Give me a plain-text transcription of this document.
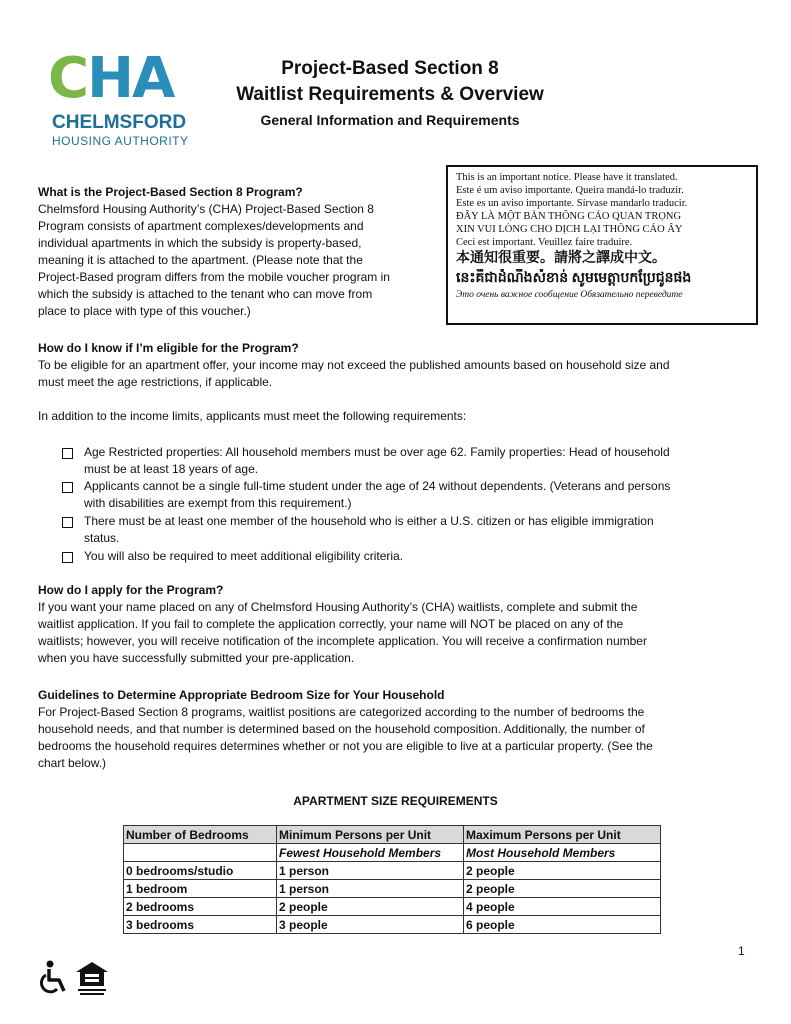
CHA
CHELMSFORD
HOUSING AUTHORITY
Project-Based Section 8
Waitlist Requirements & Overview
General Information and Requirements
This is an important notice. Please have it translated.
Este é um aviso importante. Queira mandá-lo traduzir.
Este es un aviso importante. Sírvase mandarlo traducir.
ĐÂY LÀ MỘT BẢN THÔNG CÁO QUAN TRỌNG
XIN VUI LÒNG CHO DỊCH LẠI THÔNG CÁO ẤY
Ceci est important. Veuillez faire traduire.
本通知很重要。請將之譯成中文。
នេះគឺជាដំណឹងសំខាន់ សូមមេត្តាបកប្រែជូនផង
Это очень важное сообщение Обязательно переведите
What is the Project-Based Section 8 Program?
Chelmsford Housing Authority’s (CHA) Project-Based Section 8
Program consists of apartment complexes/developments and
individual apartments in which the subsidy is property-based,
meaning it is attached to the apartment. (Please note that the
Project-Based program differs from the mobile voucher program in
which the subsidy is attached to the tenant who can move from
place to place with type of this voucher.)
How do I know if I’m eligible for the Program?
To be eligible for an apartment offer, your income may not exceed the published amounts based on household size and
must meet the age restrictions, if applicable.
In addition to the income limits, applicants must meet the following requirements:
Age Restricted properties: All household members must be over age 62. Family properties: Head of household
must be at least 18 years of age.
Applicants cannot be a single full-time student under the age of 24 without dependents. (Veterans and persons
with disabilities are exempt from this requirement.)
There must be at least one member of the household who is either a U.S. citizen or has eligible immigration
status.
You will also be required to meet additional eligibility criteria.
How do I apply for the Program?
If you want your name placed on any of Chelmsford Housing Authority’s (CHA) waitlists, complete and submit the
waitlist application. If you fail to complete the application correctly, your name will NOT be placed on any of the
waitlists; however, you will receive notification of the incomplete application. You will receive a confirmation number
when you have successfully submitted your pre-application.
Guidelines to Determine Appropriate Bedroom Size for Your Household
For Project-Based Section 8 programs, waitlist positions are categorized according to the number of bedrooms the
household needs, and that number is determined based on the household composition. Additionally, the number of
bedrooms the household requires determines whether or not you are eligible to live at a particular property. (See the
chart below.)
APARTMENT SIZE REQUIREMENTS
Number of Bedrooms	Minimum Persons per Unit	Maximum Persons per Unit
	Fewest Household Members	Most Household Members
0 bedrooms/studio	1 person	2 people
1 bedroom	1 person	2 people
2 bedrooms	2 people	4 people
3 bedrooms	3 people	6 people
1
